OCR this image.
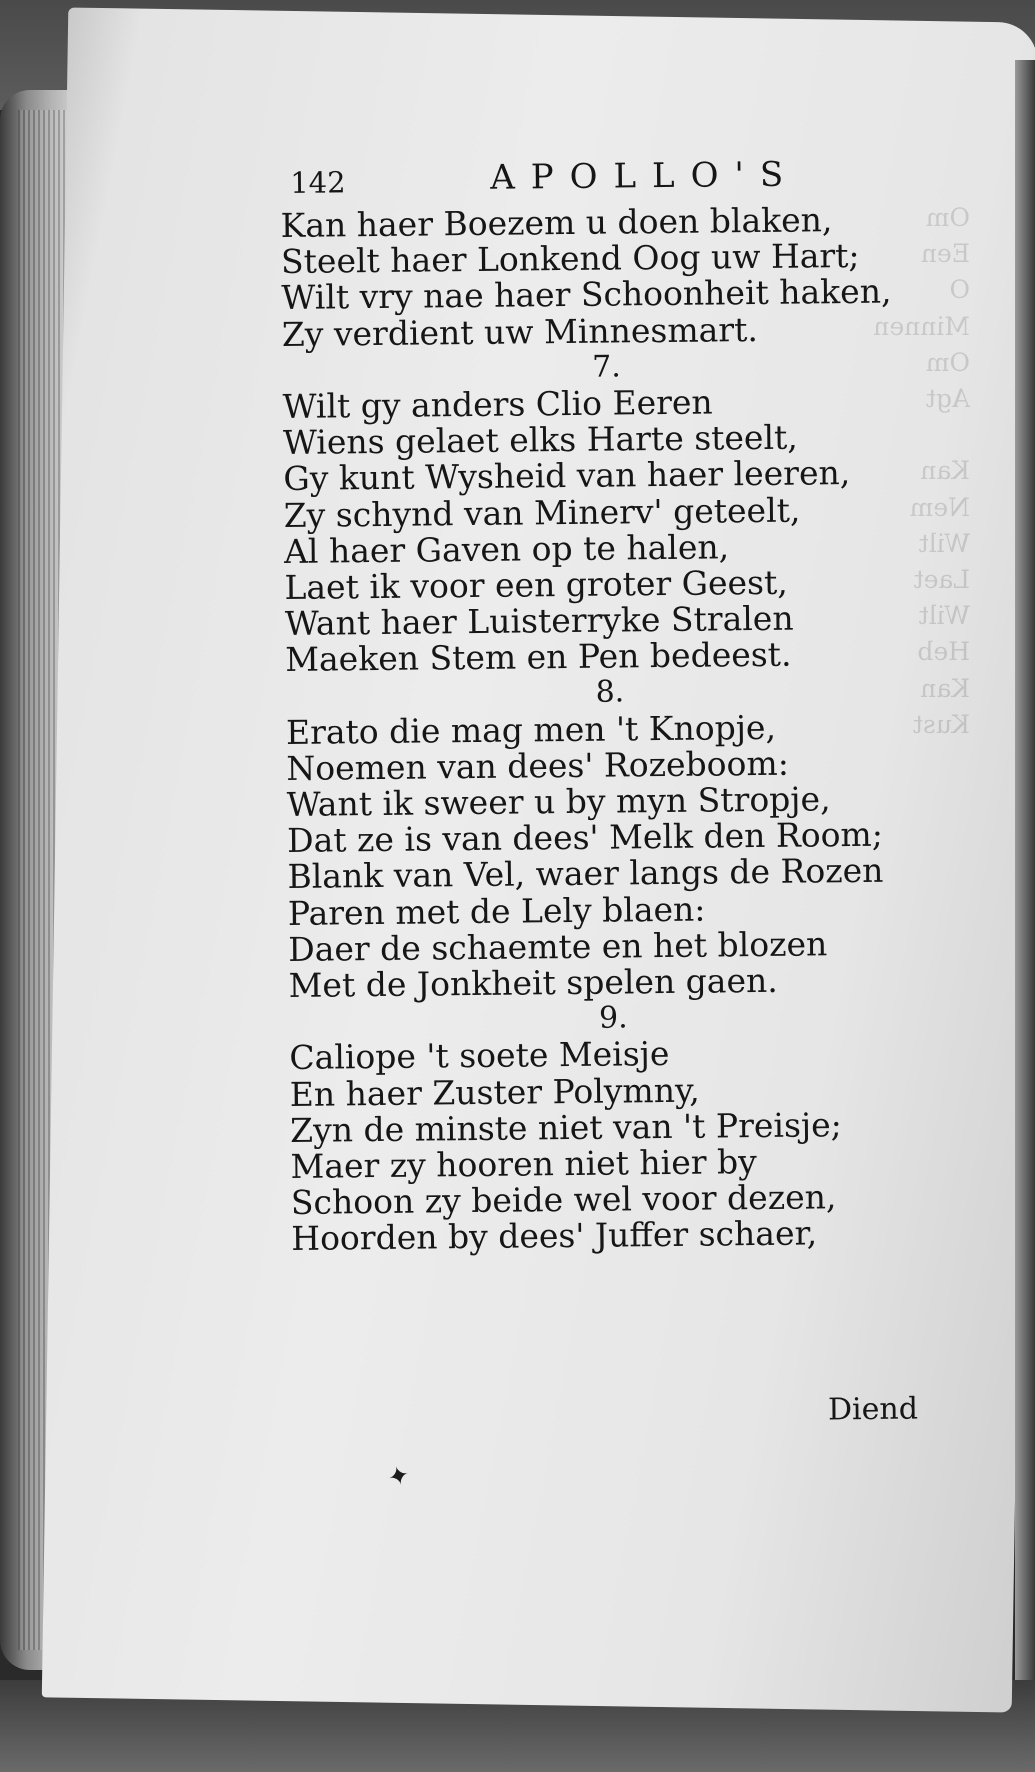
Om
Een
O
Minnen
Om
Agt

Kan
Nem
Wilt
Laet
Wilt
Heb
Kan
Kust
142	APOLLO'S
Kan haer Boezem u doen blaken,
Steelt haer Lonkend Oog uw Hart;
Wilt vry nae haer Schoonheit haken,
Zy verdient uw Minnesmart.
7.
Wilt gy anders Clio Eeren
Wiens gelaet elks Harte steelt,
Gy kunt Wysheid van haer leeren,
Zy schynd van Minerv' geteelt,
Al haer Gaven op te halen,
Laet ik voor een groter Geest,
Want haer Luisterryke Stralen
Maeken Stem en Pen bedeest.
8.
Erato die mag men 't Knopje,
Noemen van dees' Rozeboom:
Want ik sweer u by myn Stropje,
Dat ze is van dees' Melk den Room;
Blank van Vel, waer langs de Rozen
Paren met de Lely blaen:
Daer de schaemte en het blozen
Met de Jonkheit spelen gaen.
9.
Caliope 't soete Meisje
En haer Zuster Polymny,
Zyn de minste niet van 't Preisje;
Maer zy hooren niet hier by
Schoon zy beide wel voor dezen,
Hoorden by dees' Juffer schaer,
Diend
✦
